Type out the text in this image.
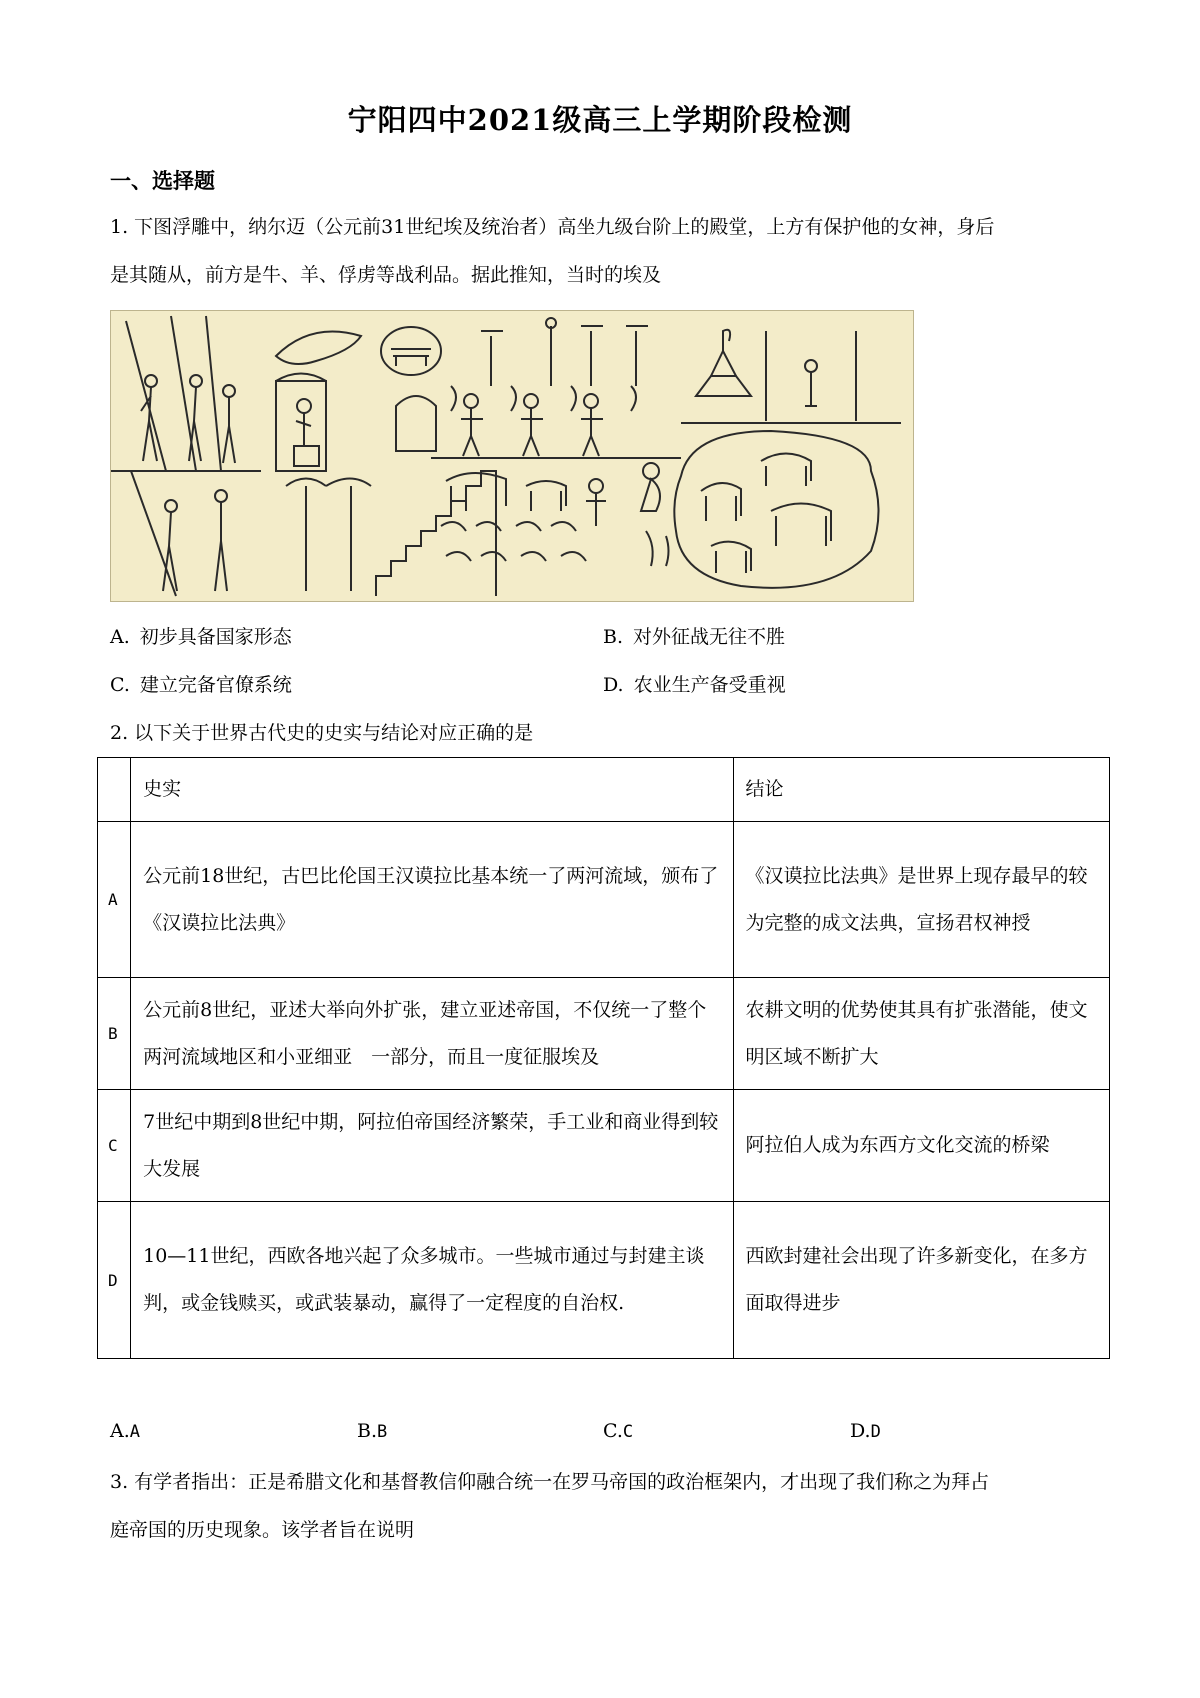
宁阳四中2021级高三上学期阶段检测
一、选择题
1. 下图浮雕中，纳尔迈（公元前31世纪埃及统治者）高坐九级台阶上的殿堂，上方有保护他的女神，身后
是其随从，前方是牛、羊、俘虏等战利品。据此推知，当时的埃及
A. 初步具备国家形态	B. 对外征战无往不胜
C. 建立完备官僚系统	D. 农业生产备受重视
2. 以下关于世界古代史的史实与结论对应正确的是
	史实	结论
A	公元前18世纪，古巴比伦国王汉谟拉比基本统一了两河流域，颁布了《汉谟拉比法典》	《汉谟拉比法典》是世界上现存最早的较为完整的成文法典，宣扬君权神授
B	公元前8世纪，亚述大举向外扩张，建立亚述帝国，不仅统一了整个两河流域地区和小亚细亚　一部分，而且一度征服埃及	农耕文明的优势使其具有扩张潜能，使文明区域不断扩大
C	7世纪中期到8世纪中期，阿拉伯帝国经济繁荣，手工业和商业得到较大发展	阿拉伯人成为东西方文化交流的桥梁
D	10—11世纪，西欧各地兴起了众多城市。一些城市通过与封建主谈判，或金钱赎买，或武装暴动，赢得了一定程度的自治权.	西欧封建社会出现了许多新变化，在多方面取得进步
A.A	B.B	C.C	D.D
3. 有学者指出：正是希腊文化和基督教信仰融合统一在罗马帝国的政治框架内，才出现了我们称之为拜占
庭帝国的历史现象。该学者旨在说明
